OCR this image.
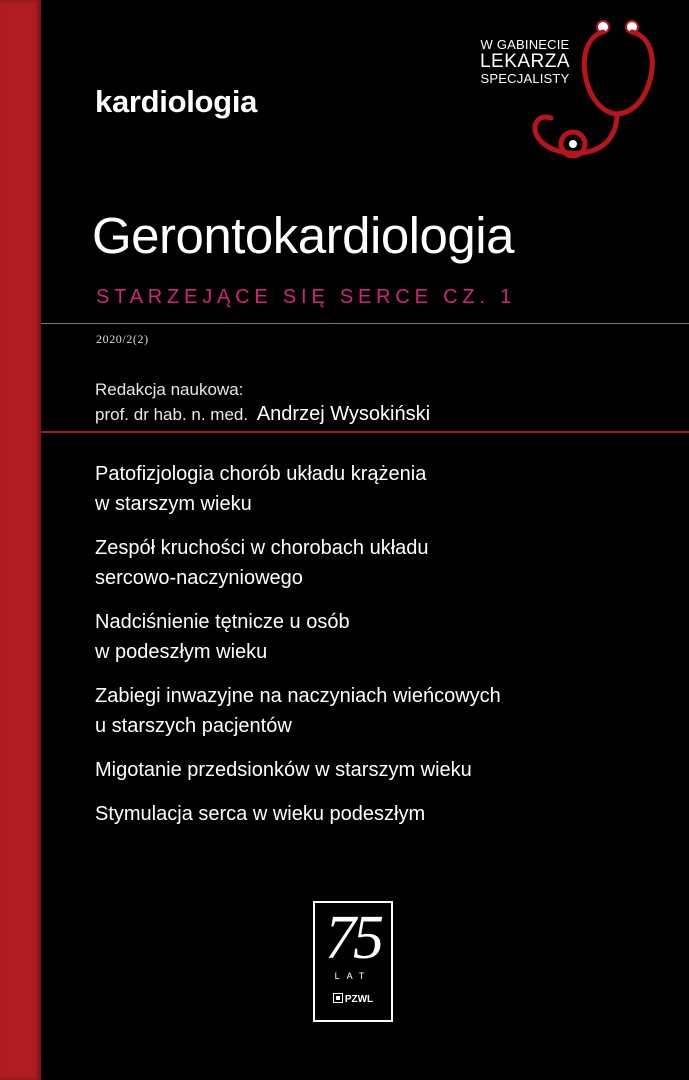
W GABINECIE
LEKARZA
SPECJALISTY
kardiologia
Gerontokardiologia
STARZEJĄCE SIĘ SERCE CZ. 1
2020/2(2)
Redakcja naukowa:
prof. dr hab. n. med. Andrzej Wysokiński
Patofizjologia chorób układu krążenia
w starszym wieku
Zespół kruchości w chorobach układu
sercowo-naczyniowego
Nadciśnienie tętnicze u osób
w podeszłym wieku
Zabiegi inwazyjne na naczyniach wieńcowych
u starszych pacjentów
Migotanie przedsionków w starszym wieku
Stymulacja serca w wieku podeszłym
75
LAT
PZWL
